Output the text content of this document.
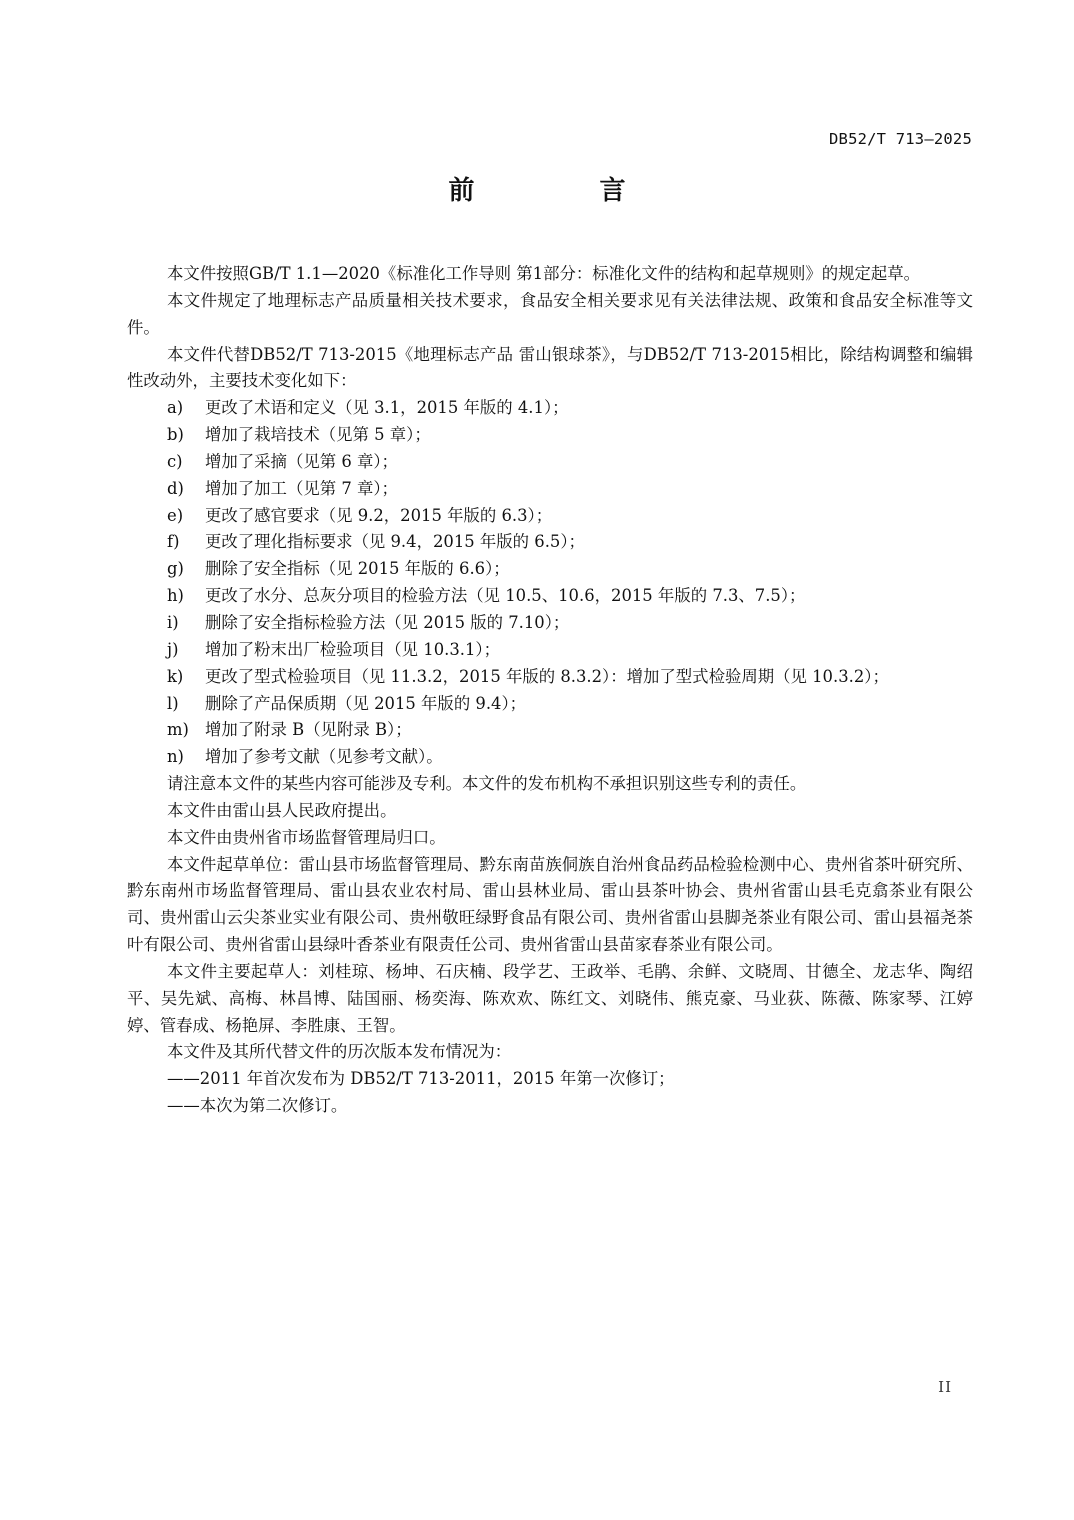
DB52/T 713—2025
前 言
本文件按照GB/T 1.1—2020《标准化工作导则 第1部分：标准化文件的结构和起草规则》的规定起草。
本文件规定了地理标志产品质量相关技术要求，食品安全相关要求见有关法律法规、政策和食品安全标准等文件。
本文件代替DB52/T 713-2015《地理标志产品 雷山银球茶》，与DB52/T 713-2015相比，除结构调整和编辑性改动外，主要技术变化如下：
a) 更改了术语和定义（见 3.1，2015 年版的 4.1）；
b) 增加了栽培技术（见第 5 章）；
c) 增加了采摘（见第 6 章）；
d) 增加了加工（见第 7 章）；
e) 更改了感官要求（见 9.2，2015 年版的 6.3）；
f) 更改了理化指标要求（见 9.4，2015 年版的 6.5）；
g) 删除了安全指标（见 2015 年版的 6.6）；
h) 更改了水分、总灰分项目的检验方法（见 10.5、10.6，2015 年版的 7.3、7.5）；
i) 删除了安全指标检验方法（见 2015 版的 7.10）；
j) 增加了粉末出厂检验项目（见 10.3.1）；
k) 更改了型式检验项目（见 11.3.2，2015 年版的 8.3.2）：增加了型式检验周期（见 10.3.2）；
l) 删除了产品保质期（见 2015 年版的 9.4）；
m) 增加了附录 B（见附录 B）；
n) 增加了参考文献（见参考文献）。
请注意本文件的某些内容可能涉及专利。本文件的发布机构不承担识别这些专利的责任。
本文件由雷山县人民政府提出。
本文件由贵州省市场监督管理局归口。
本文件起草单位：雷山县市场监督管理局、黔东南苗族侗族自治州食品药品检验检测中心、贵州省茶叶研究所、黔东南州市场监督管理局、雷山县农业农村局、雷山县林业局、雷山县茶叶协会、贵州省雷山县毛克翕茶业有限公司、贵州雷山云尖茶业实业有限公司、贵州敬旺绿野食品有限公司、贵州省雷山县脚尧茶业有限公司、雷山县福尧茶叶有限公司、贵州省雷山县绿叶香茶业有限责任公司、贵州省雷山县苗家春茶业有限公司。
本文件主要起草人：刘桂琼、杨坤、石庆楠、段学艺、王政举、毛鹃、余鲜、文晓周、甘德全、龙志华、陶绍平、吴先斌、高梅、林昌博、陆国丽、杨奕海、陈欢欢、陈红文、刘晓伟、熊克豪、马业荻、陈薇、陈家琴、江婷婷、管春成、杨艳屏、李胜康、王智。
本文件及其所代替文件的历次版本发布情况为：
——2011 年首次发布为 DB52/T 713-2011，2015 年第一次修订；
——本次为第二次修订。
II
